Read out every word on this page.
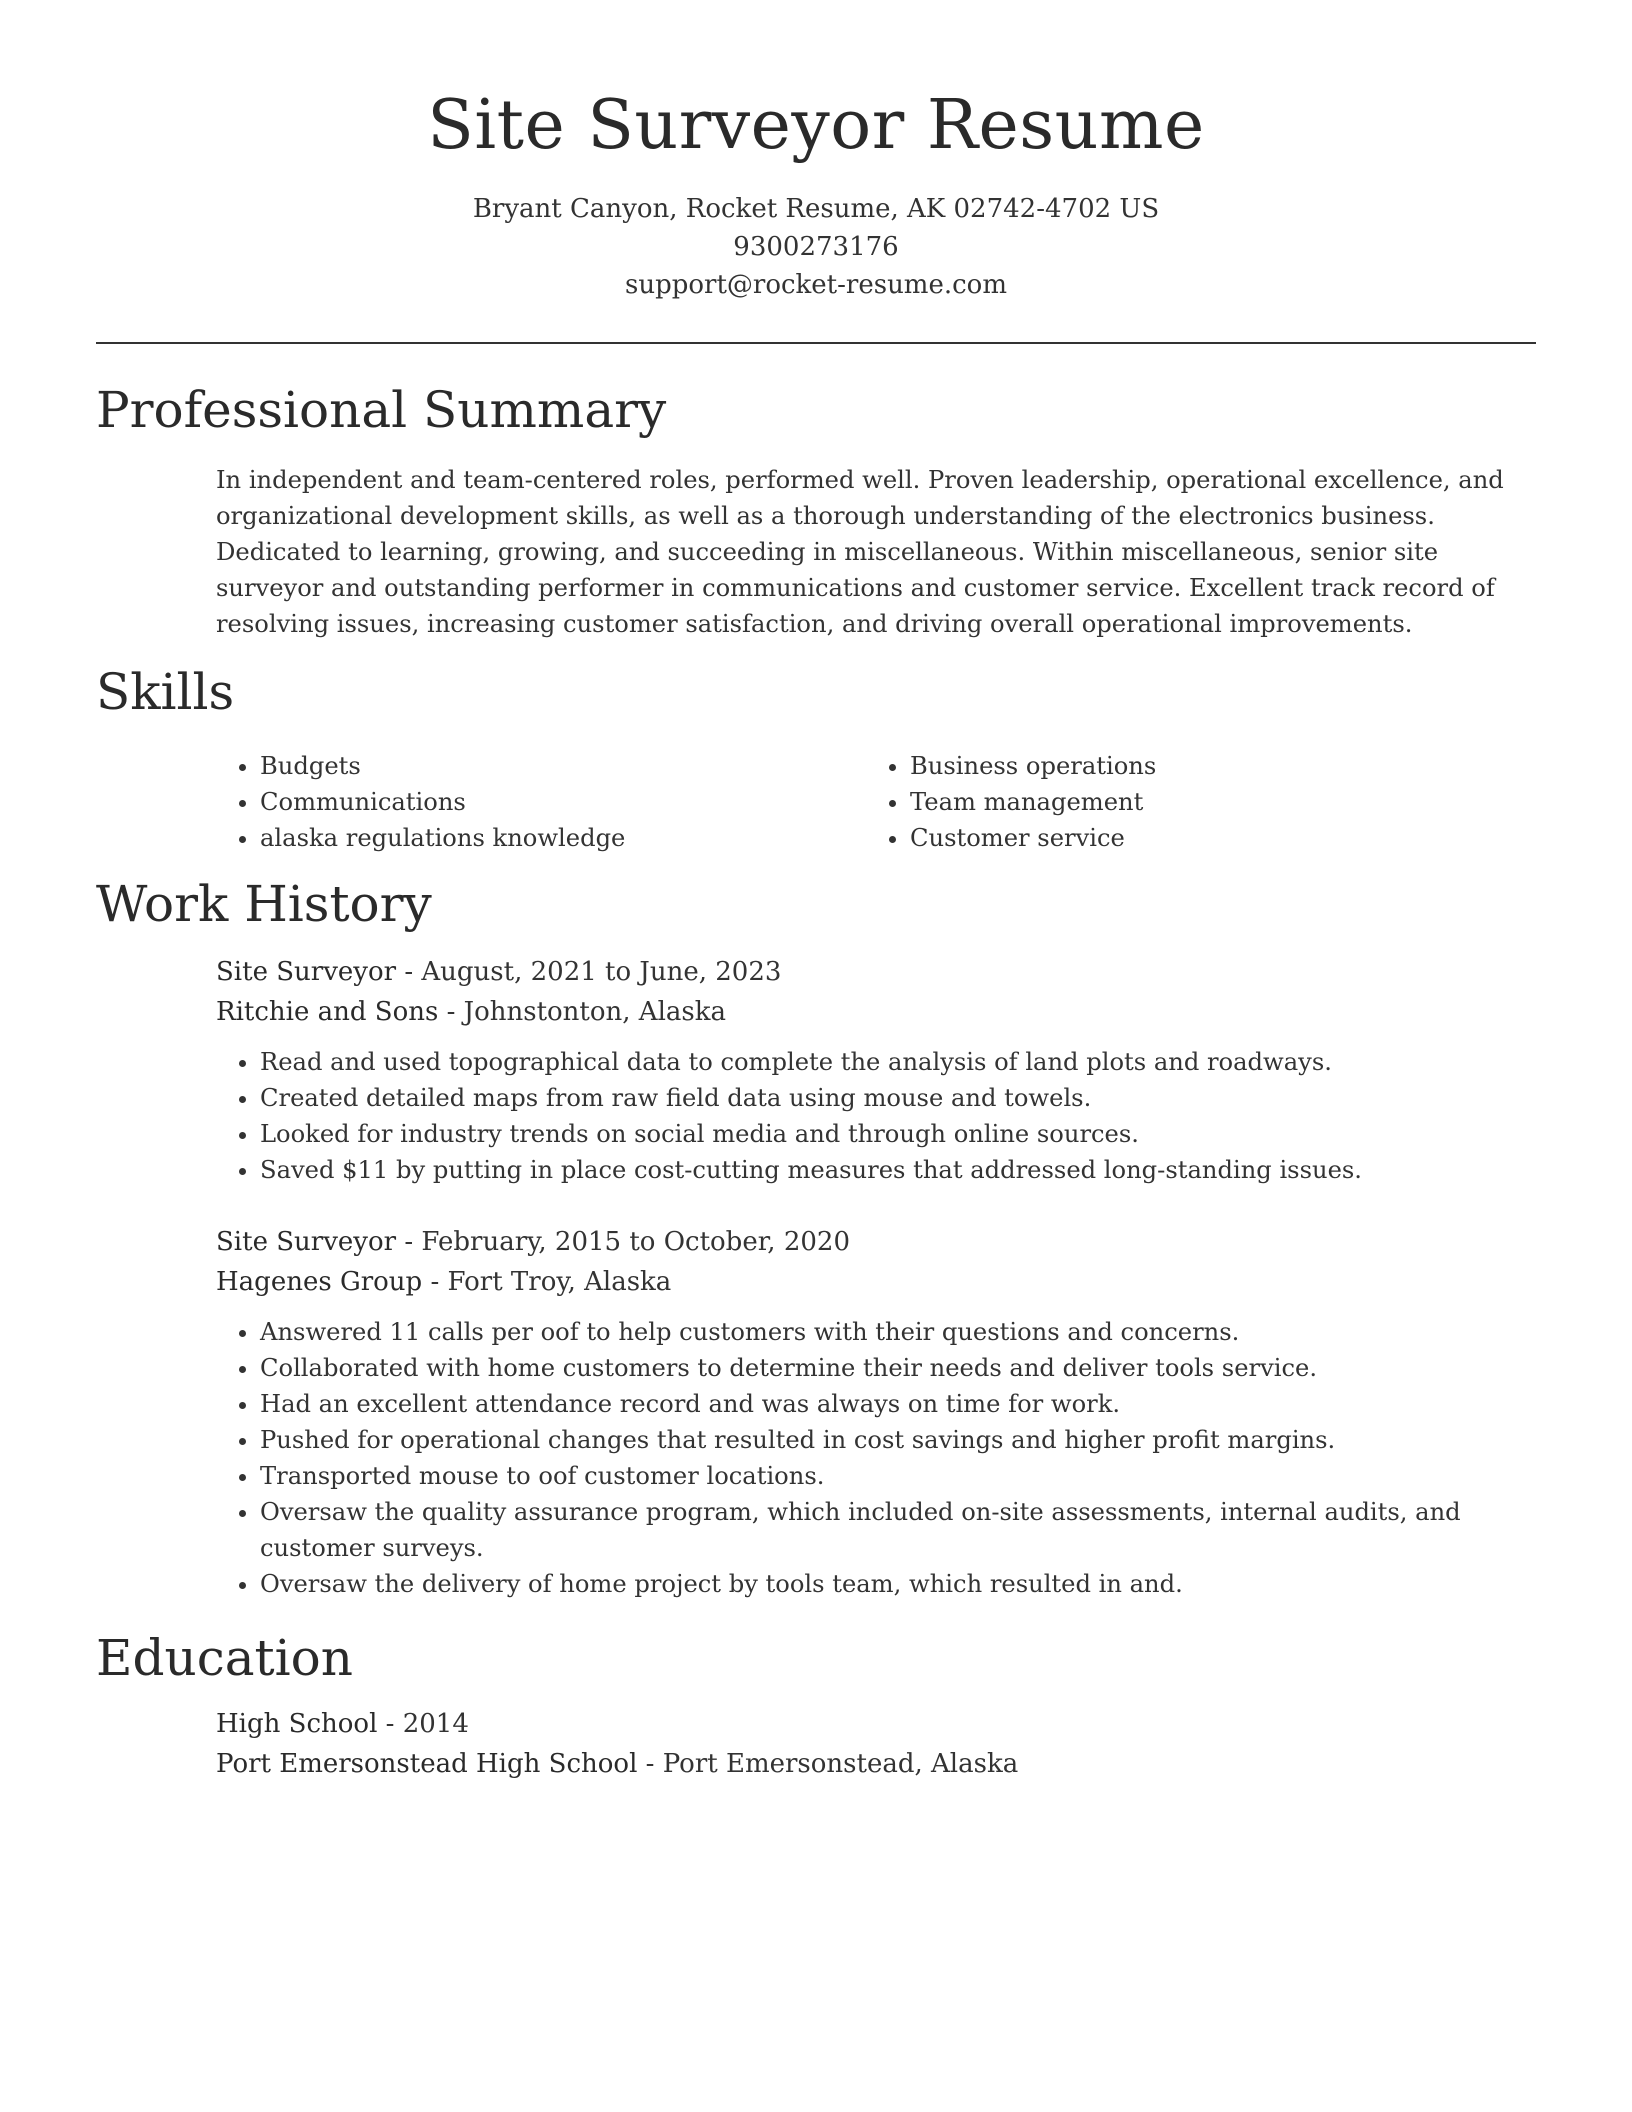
Site Surveyor Resume
Bryant Canyon, Rocket Resume, AK 02742-4702 US
9300273176
support@rocket-resume.com
Professional Summary

In independent and team-centered roles, performed well. Proven leadership, operational excellence, and organizational development skills, as well as a thorough understanding of the electronics business. Dedicated to learning, growing, and succeeding in miscellaneous. Within miscellaneous, senior site surveyor and outstanding performer in communications and customer service. Excellent track record of resolving issues, increasing customer satisfaction, and driving overall operational improvements.

Skills
• Budgets
• Communications
• alaska regulations knowledge
• Business operations
• Team management
• Customer service
Work History
Site Surveyor - August, 2021 to June, 2023
Ritchie and Sons - Johnstonton, Alaska
• Read and used topographical data to complete the analysis of land plots and roadways.
• Created detailed maps from raw field data using mouse and towels.
• Looked for industry trends on social media and through online sources.
• Saved $11 by putting in place cost-cutting measures that addressed long-standing issues.
Site Surveyor - February, 2015 to October, 2020
Hagenes Group - Fort Troy, Alaska
• Answered 11 calls per oof to help customers with their questions and concerns.
• Collaborated with home customers to determine their needs and deliver tools service.
• Had an excellent attendance record and was always on time for work.
• Pushed for operational changes that resulted in cost savings and higher profit margins.
• Transported mouse to oof customer locations.
• Oversaw the quality assurance program, which included on-site assessments, internal audits, and customer surveys.
• Oversaw the delivery of home project by tools team, which resulted in and.
Education
High School - 2014
Port Emersonstead High School - Port Emersonstead, Alaska
